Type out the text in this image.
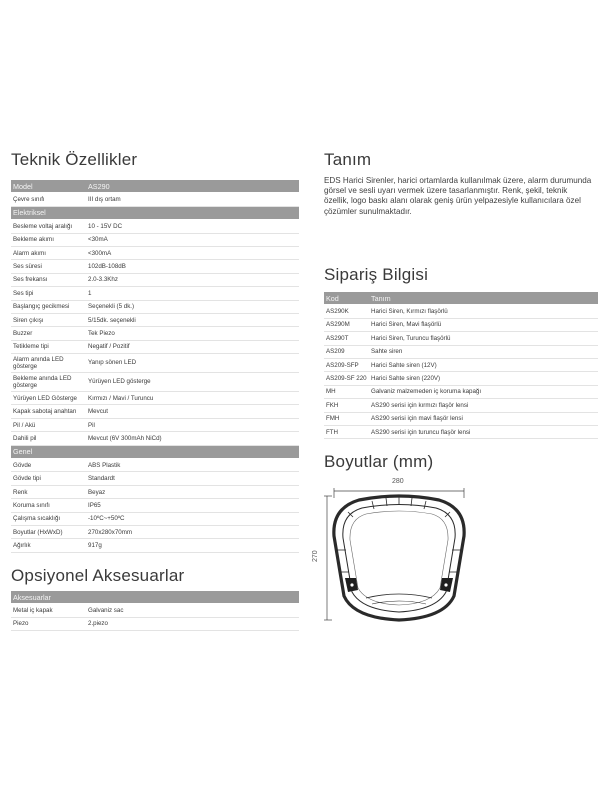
Teknik Özellikler
Model	AS290
Çevre sınıfı	III dış ortam
Elektriksel	
Besleme voltaj aralığı	10 - 15V DC
Bekleme akımı	<30mA
Alarm akımı	<300mA
Ses süresi	102dB-108dB
Ses frekansı	2.0-3.3Khz
Ses tipi	1
Başlangıç gecikmesi	Seçenekli (5 dk.)
Siren çıkışı	5/15dk. seçenekli
Buzzer	Tek Piezo
Tetikleme tipi	Negatif / Pozitif
Alarm anında LED gösterge	Yanıp sönen LED
Bekleme anında LED gösterge	Yürüyen LED gösterge
Yürüyen LED Gösterge	Kırmızı / Mavi / Turuncu
Kapak sabotaj anahtarı	Mevcut
Pil / Akü	Pil
Dahili pil	Mevcut (6V 300mAh NiCd)
Genel	
Gövde	ABS Plastik
Gövde tipi	Standardt
Renk	Beyaz
Koruma sınıfı	IP65
Çalışma sıcaklığı	-10ºC~+50ºC
Boyutlar (HxWxD)	270x280x70mm
Ağırlık	917g
Opsiyonel Aksesuarlar
Aksesuarlar	
Metal iç kapak	Galvaniz sac
Piezo	2.piezo
Tanım
EDS Harici Sirenler, harici ortamlarda kullanılmak üzere, alarm durumunda görsel ve sesli uyarı vermek üzere tasarlanmıştır. Renk, şekil, teknik özellik, logo baskı alanı olarak geniş ürün yelpazesiyle kullanıcılara özel çözümler sunulmaktadır.
Sipariş Bilgisi
Kod	Tanım
AS290K	Harici Siren, Kırmızı flaşörlü
AS290M	Harici Siren, Mavi flaşörlü
AS290T	Harici Siren, Turuncu flaşörlü
AS209	Sahte siren
AS209-SFP	Harici Sahte siren (12V)
AS209-SF 220	Harici Sahte siren (220V)
MH	Galvaniz malzemeden iç koruma kapağı
FKH	AS290 serisi için kırmızı flaşör lensi
FMH	AS290 serisi için mavi flaşör lensi
FTH	AS290 serisi için turuncu flaşör lensi
Boyutlar (mm)
280
270
